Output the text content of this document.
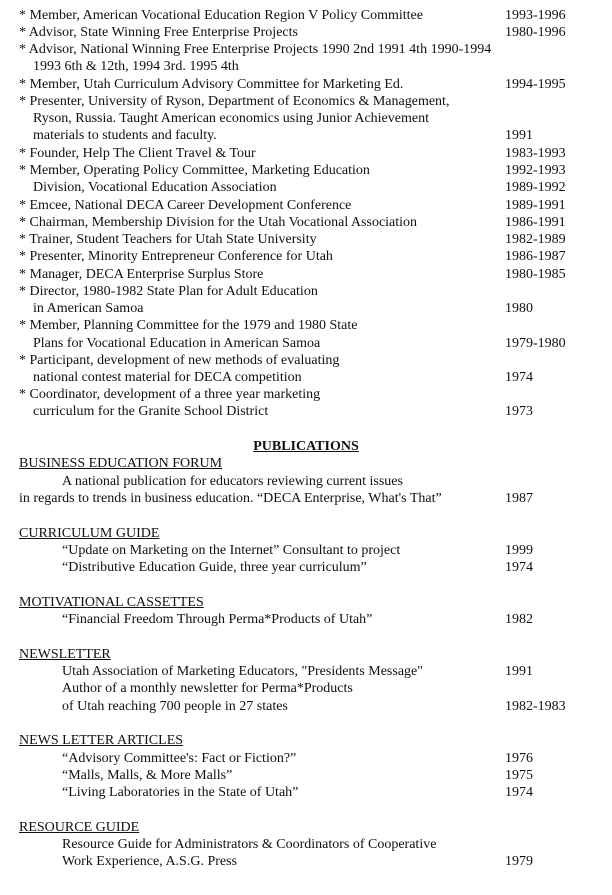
* Member, American Vocational Education Region V Policy Committee	1993-1996
* Advisor, State Winning Free Enterprise Projects	1980-1996
* Advisor, National Winning Free Enterprise Projects 1990 2nd 1991 4th 1990-1994
1993 6th & 12th, 1994 3rd. 1995 4th
* Member, Utah Curriculum Advisory Committee for Marketing Ed.	1994-1995
* Presenter, University of Ryson, Department of Economics & Management,
Ryson, Russia. Taught American economics using Junior Achievement
materials to students and faculty.	1991
* Founder, Help The Client Travel & Tour	1983-1993
* Member, Operating Policy Committee, Marketing Education	1992-1993
Division, Vocational Education Association	1989-1992
* Emcee, National DECA Career Development Conference	1989-1991
* Chairman, Membership Division for the Utah Vocational Association	1986-1991
* Trainer, Student Teachers for Utah State University	1982-1989
* Presenter, Minority Entrepreneur Conference for Utah	1986-1987
* Manager, DECA Enterprise Surplus Store	1980-1985
* Director, 1980-1982 State Plan for Adult Education
in American Samoa	1980
* Member, Planning Committee for the 1979 and 1980 State
Plans for Vocational Education in American Samoa	1979-1980
* Participant, development of new methods of evaluating
national contest material for DECA competition	1974
* Coordinator, development of a three year marketing
curriculum for the Granite School District	1973
PUBLICATIONS
BUSINESS EDUCATION FORUM
A national publication for educators reviewing current issues
in regards to trends in business education. “DECA Enterprise, What's That”	1987
CURRICULUM GUIDE
“Update on Marketing on the Internet” Consultant to project	1999
“Distributive Education Guide, three year curriculum”	1974
MOTIVATIONAL CASSETTES
“Financial Freedom Through Perma*Products of Utah”	1982
NEWSLETTER
Utah Association of Marketing Educators, "Presidents Message"	1991
Author of a monthly newsletter for Perma*Products
of Utah reaching 700 people in 27 states	1982-1983
NEWS LETTER ARTICLES
“Advisory Committee's: Fact or Fiction?”	1976
“Malls, Malls, & More Malls”	1975
“Living Laboratories in the State of Utah”	1974
RESOURCE GUIDE
Resource Guide for Administrators & Coordinators of Cooperative
Work Experience, A.S.G. Press	1979
